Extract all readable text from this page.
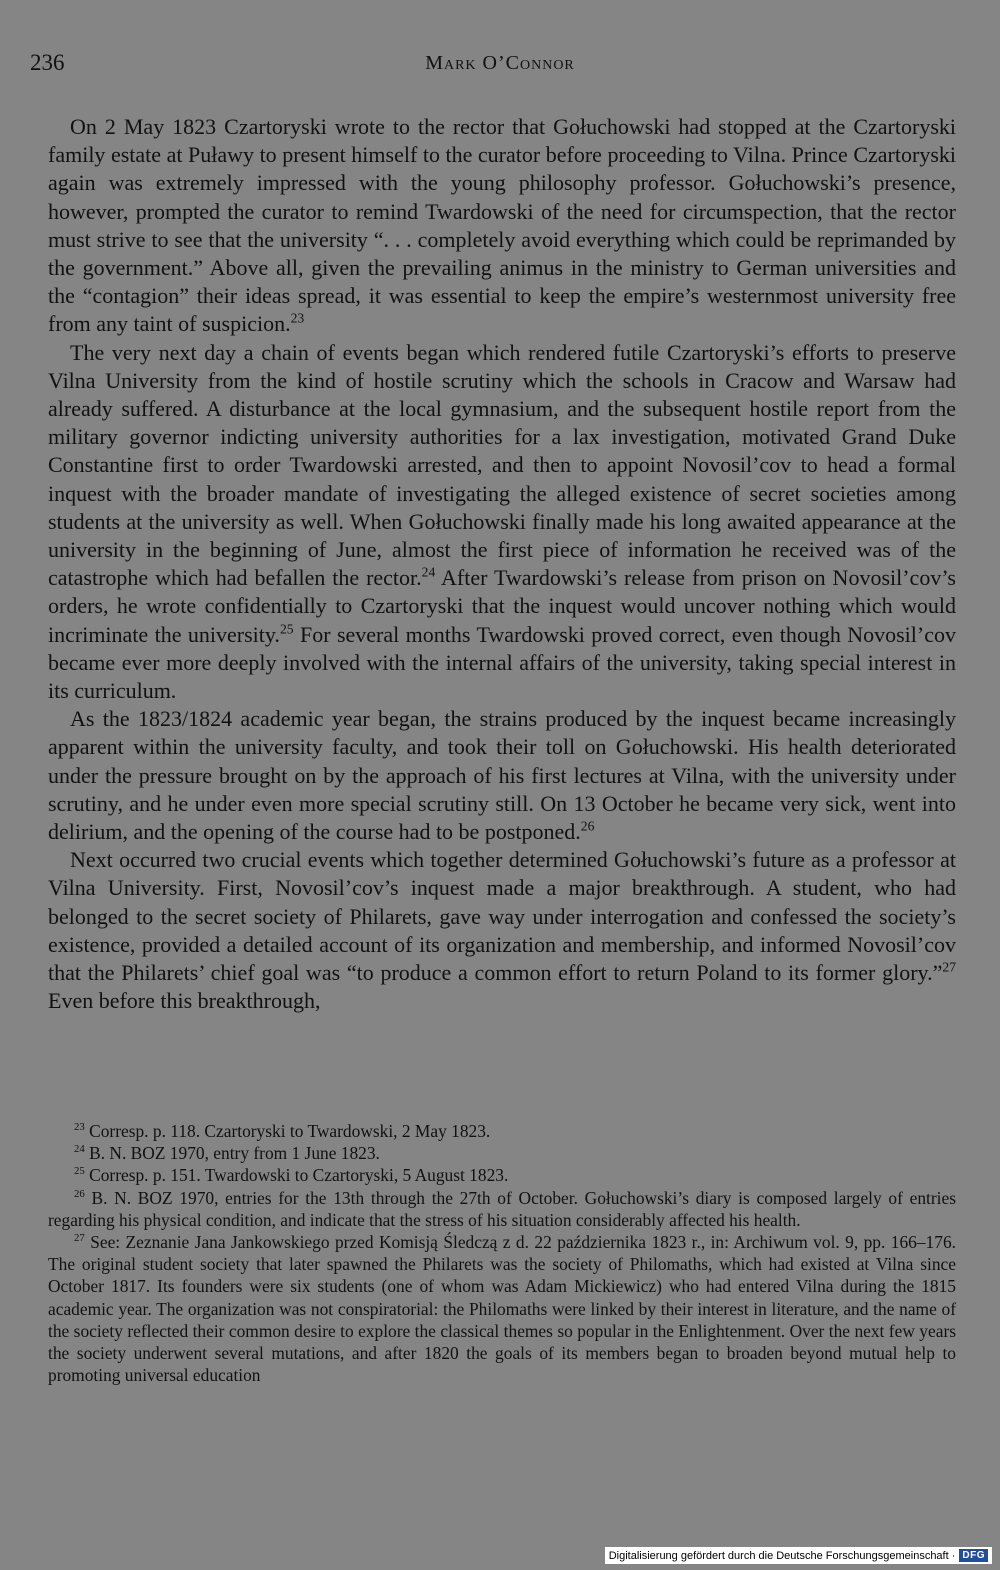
236	Mark O’Connor

On 2 May 1823 Czartoryski wrote to the rector that Gołuchowski had stopped at the Czartoryski family estate at Puławy to present himself to the curator before proceeding to Vilna. Prince Czartoryski again was extremely impressed with the young philosophy professor. Gołuchowski’s presence, however, prompted the curator to remind Twardowski of the need for circumspection, that the rector must strive to see that the university “. . . completely avoid everything which could be reprimanded by the government.” Above all, given the prevailing animus in the ministry to German universities and the “contagion” their ideas spread, it was essential to keep the empire’s westernmost university free from any taint of suspicion.$^{23}$

The very next day a chain of events began which rendered futile Czartoryski’s efforts to preserve Vilna University from the kind of hostile scrutiny which the schools in Cracow and Warsaw had already suffered. A disturbance at the local gymnasium, and the subsequent hostile report from the military governor indicting university authorities for a lax investigation, motivated Grand Duke Constantine first to order Twardowski arrested, and then to appoint Novosil’cov to head a formal inquest with the broader mandate of investigating the alleged existence of secret societies among students at the university as well. When Gołuchowski finally made his long awaited appearance at the university in the beginning of June, almost the first piece of information he received was of the catastrophe which had befallen the rector.$^{24}$ After Twardowski’s release from prison on Novosil’cov’s orders, he wrote confidentially to Czartoryski that the inquest would uncover nothing which would incriminate the university.$^{25}$ For several months Twardowski proved correct, even though Novosil’cov became ever more deeply involved with the internal affairs of the university, taking special interest in its curriculum.

As the 1823/1824 academic year began, the strains produced by the inquest became increasingly apparent within the university faculty, and took their toll on Gołuchowski. His health deteriorated under the pressure brought on by the approach of his first lectures at Vilna, with the university under scrutiny, and he under even more special scrutiny still. On 13 October he became very sick, went into delirium, and the opening of the course had to be postponed.$^{26}$

Next occurred two crucial events which together determined Gołuchowski’s future as a professor at Vilna University. First, Novosil’cov’s inquest made a major breakthrough. A student, who had belonged to the secret society of Philarets, gave way under interrogation and confessed the society’s existence, provided a detailed account of its organization and membership, and informed Novosil’cov that the Philarets’ chief goal was “to produce a common effort to return Poland to its former glory.”$^{27}$ Even before this breakthrough,

$^{23}$ Corresp. p. 118. Czartoryski to Twardowski, 2 May 1823.

$^{24}$ B. N. BOZ 1970, entry from 1 June 1823.

$^{25}$ Corresp. p. 151. Twardowski to Czartoryski, 5 August 1823.

$^{26}$ B. N. BOZ 1970, entries for the 13th through the 27th of October. Gołuchowski’s diary is composed largely of entries regarding his physical condition, and indicate that the stress of his situation considerably affected his health.

$^{27}$ See: Zeznanie Jana Jankowskiego przed Komisją Śledczą z d. 22 października 1823 r., in: Archiwum vol. 9, pp. 166–176. The original student society that later spawned the Philarets was the society of Philomaths, which had existed at Vilna since October 1817. Its founders were six students (one of whom was Adam Mickiewicz) who had entered Vilna during the 1815 academic year. The organization was not conspiratorial: the Philomaths were linked by their interest in literature, and the name of the society reflected their common desire to explore the classical themes so popular in the Enlightenment. Over the next few years the society underwent several mutations, and after 1820 the goals of its members began to broaden beyond mutual help to promoting universal education

Digitalisierung gefördert durch die Deutsche Forschungsgemeinschaft · DFG
